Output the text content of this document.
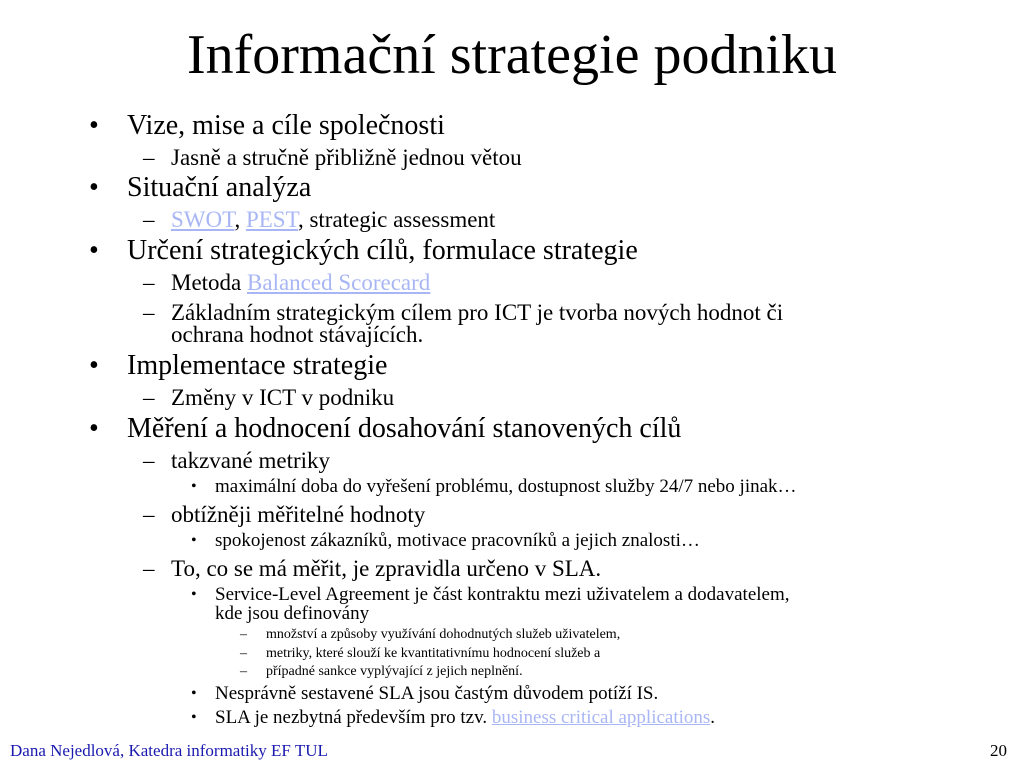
Informační strategie podniku
• Vize, mise a cíle společnosti
– Jasně a stručně přibližně jednou větou
• Situační analýza
– SWOT, PEST, strategic assessment
• Určení strategických cílů, formulace strategie
– Metoda Balanced Scorecard
– Základním strategickým cílem pro ICT je tvorba nových hodnot či
ochrana hodnot stávajících.
• Implementace strategie
– Změny v ICT v podniku
• Měření a hodnocení dosahování stanovených cílů
– takzvané metriky
• maximální doba do vyřešení problému, dostupnost služby 24/7 nebo jinak…
– obtížněji měřitelné hodnoty
• spokojenost zákazníků, motivace pracovníků a jejich znalosti…
– To, co se má měřit, je zpravidla určeno v SLA.
• Service-Level Agreement je část kontraktu mezi uživatelem a dodavatelem,
kde jsou definovány
– množství a způsoby využívání dohodnutých služeb uživatelem,
– metriky, které slouží ke kvantitativnímu hodnocení služeb a
– případné sankce vyplývající z jejich neplnění.
• Nesprávně sestavené SLA jsou častým důvodem potíží IS.
• SLA je nezbytná především pro tzv. business critical applications.
Dana Nejedlová, Katedra informatiky EF TUL	20
